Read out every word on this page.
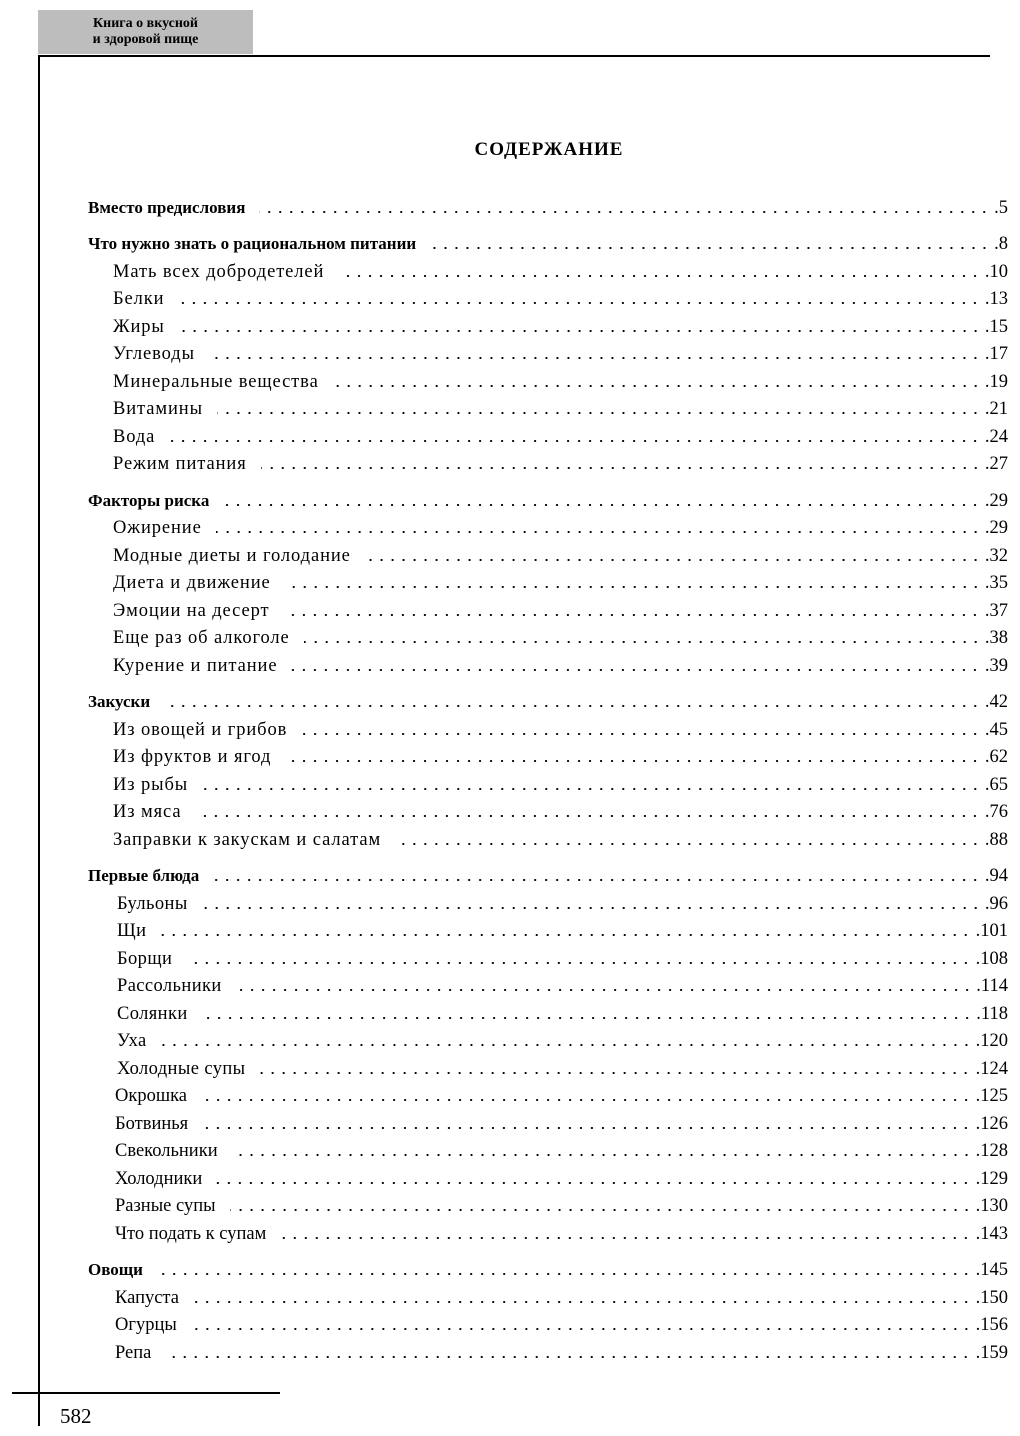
Книга о вкусной
и здоровой пище
СОДЕРЖАНИЕ
Вместо предисловия	.5
Что нужно знать о рациональном питании	.8
Мать всех добродетелей	.10
Белки	.13
Жиры	.15
Углеводы	.17
Минеральные вещества	.19
Витамины	.21
Вода	.24
Режим питания	.27
Факторы риска	.29
Ожирение	.29
Модные диеты и голодание	.32
Диета и движение	.35
Эмоции на десерт	.37
Еще раз об алкоголе	.38
Курение и питание	.39
Закуски	.42
Из овощей и грибов	.45
Из фруктов и ягод	.62
Из рыбы	.65
Из мяса	.76
Заправки к закускам и салатам	.88
Первые блюда	.94
Бульоны	.96
Щи	.101
Борщи	.108
Рассольники	.114
Солянки	.118
Уха	.120
Холодные супы	.124
Окрошка	.125
Ботвинья	.126
Свекольники	.128
Холодники	.129
Разные супы	.130
Что подать к супам	.143
Овощи	.145
Капуста	.150
Огурцы	.156
Репа	.159
582
